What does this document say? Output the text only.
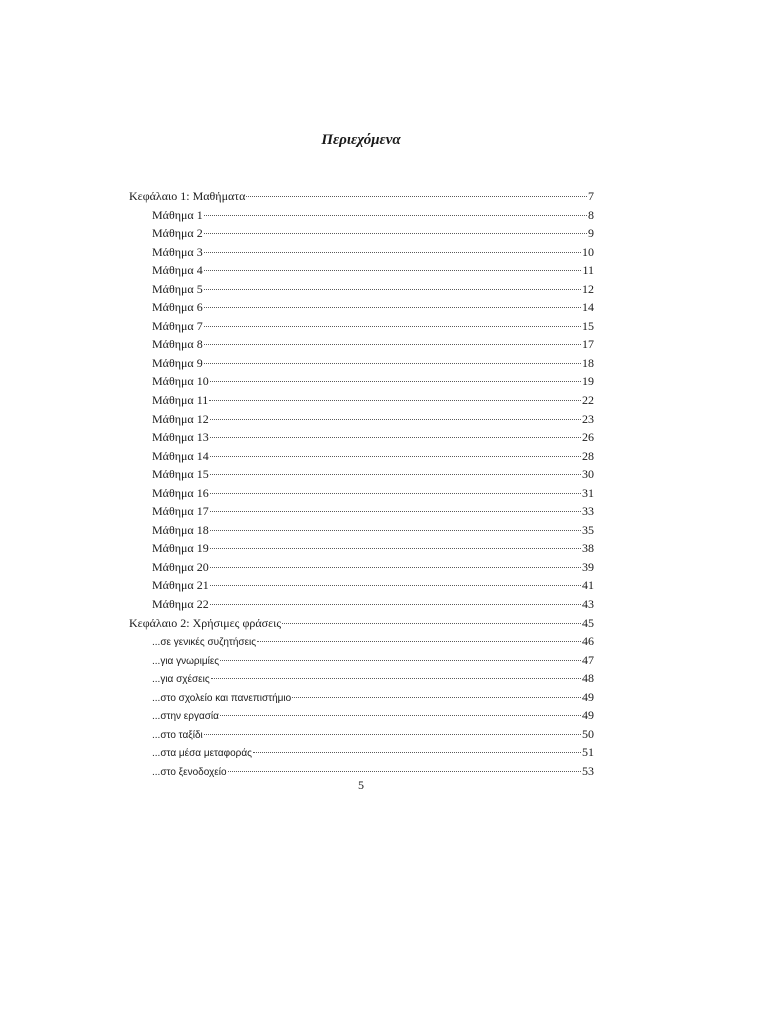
Περιεχόμενα
Κεφάλαιο 1: Μαθήματα	7
Μάθημα 1	8
Μάθημα 2	9
Μάθημα 3	10
Μάθημα 4	11
Μάθημα 5	12
Μάθημα 6	14
Μάθημα 7	15
Μάθημα 8	17
Μάθημα 9	18
Μάθημα 10	19
Μάθημα 11	22
Μάθημα 12	23
Μάθημα 13	26
Μάθημα 14	28
Μάθημα 15	30
Μάθημα 16	31
Μάθημα 17	33
Μάθημα 18	35
Μάθημα 19	38
Μάθημα 20	39
Μάθημα 21	41
Μάθημα 22	43
Κεφάλαιο 2: Χρήσιμες φράσεις	45
...σε γενικές συζητήσεις	46
...για γνωριμίες	47
...για σχέσεις	48
...στο σχολείο και πανεπιστήμιο	49
...στην εργασία	49
...στο ταξίδι	50
...στα μέσα μεταφοράς	51
...στο ξενοδοχείο	53
5
